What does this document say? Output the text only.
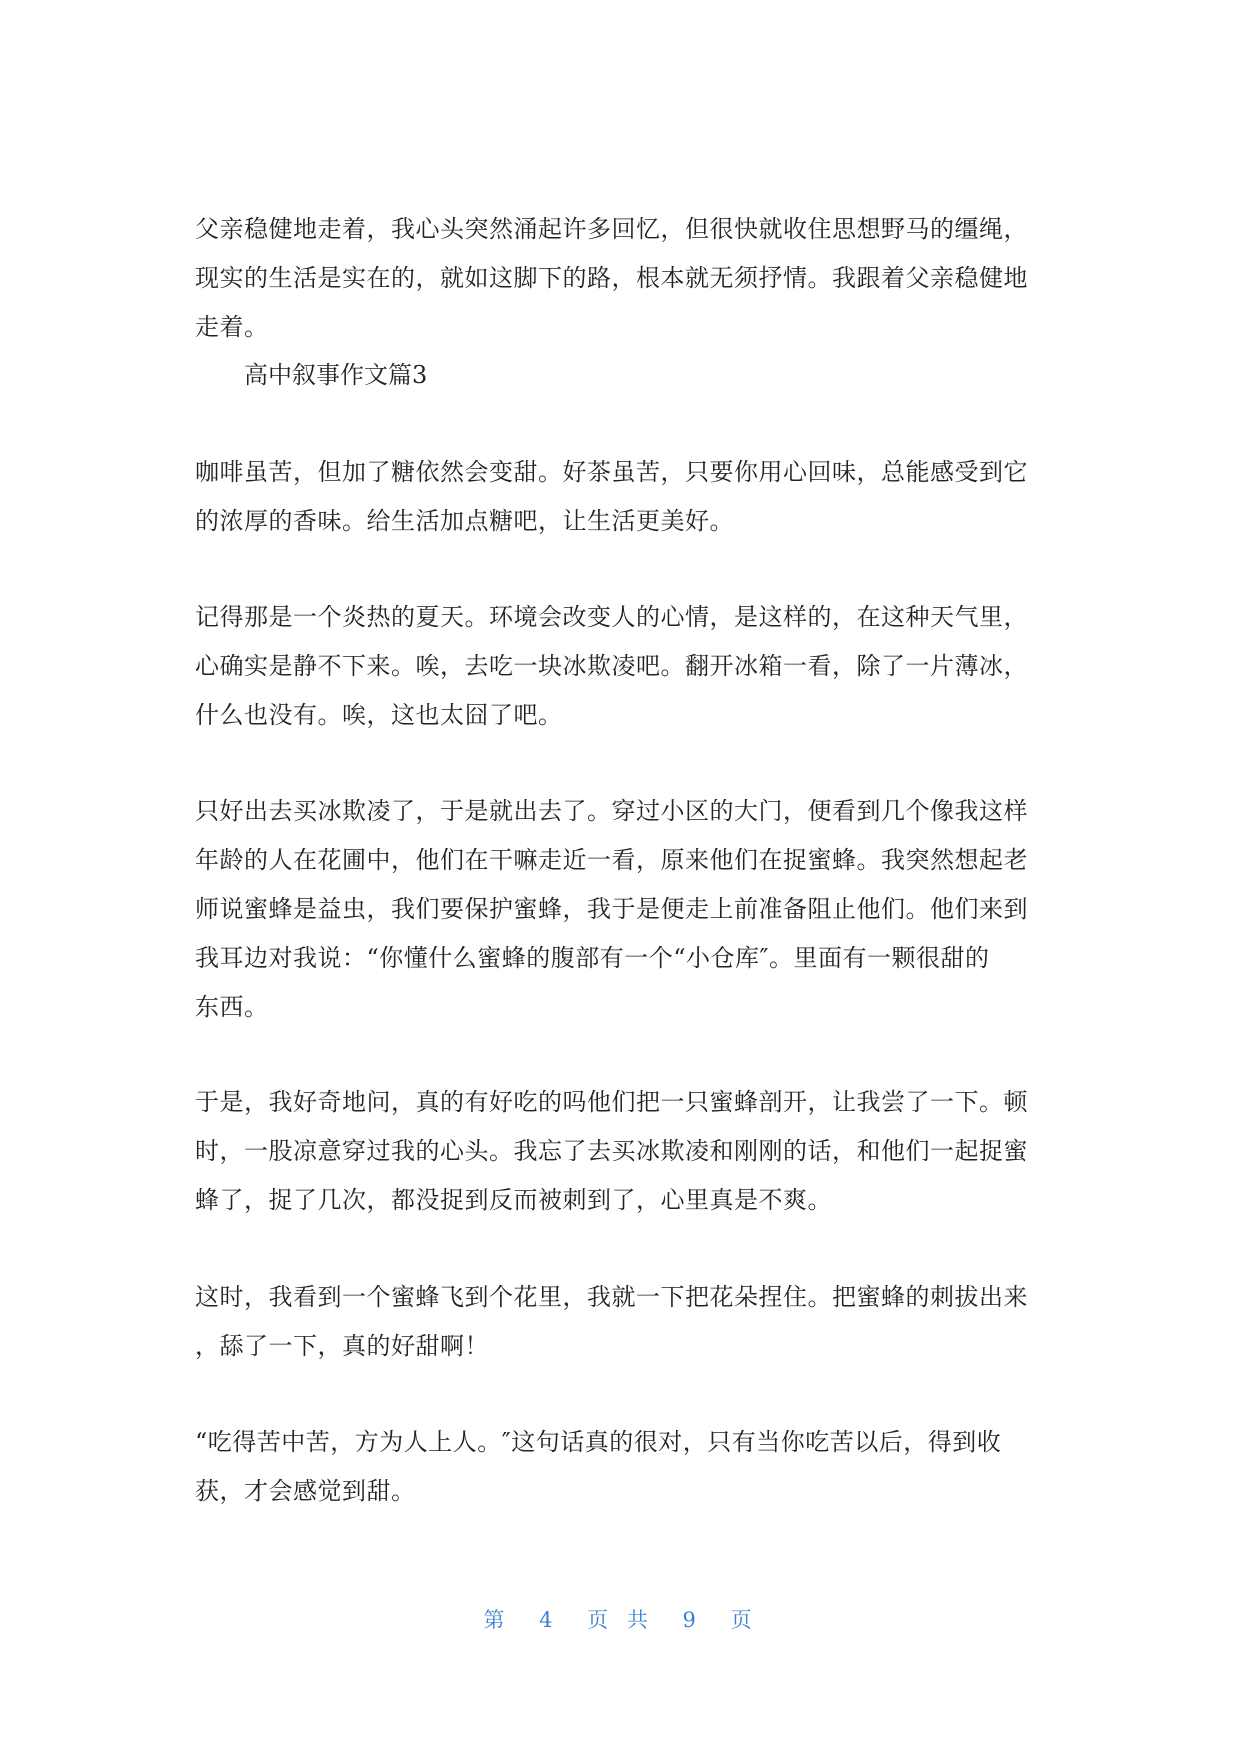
父亲稳健地走着，我心头突然涌起许多回忆，但很快就收住思想野马的缰绳，
现实的生活是实在的，就如这脚下的路，根本就无须抒情。我跟着父亲稳健地
走着。
高中叙事作文篇3
咖啡虽苦，但加了糖依然会变甜。好茶虽苦，只要你用心回味，总能感受到它
的浓厚的香味。给生活加点糖吧，让生活更美好。
记得那是一个炎热的夏天。环境会改变人的心情，是这样的，在这种天气里，
心确实是静不下来。唉，去吃一块冰欺凌吧。翻开冰箱一看，除了一片薄冰，
什么也没有。唉，这也太囧了吧。
只好出去买冰欺凌了，于是就出去了。穿过小区的大门，便看到几个像我这样
年龄的人在花圃中，他们在干嘛走近一看，原来他们在捉蜜蜂。我突然想起老
师说蜜蜂是益虫，我们要保护蜜蜂，我于是便走上前准备阻止他们。他们来到
我耳边对我说：“你懂什么蜜蜂的腹部有一个“小仓库″。里面有一颗很甜的
东西。
于是，我好奇地问，真的有好吃的吗他们把一只蜜蜂剖开，让我尝了一下。顿
时，一股凉意穿过我的心头。我忘了去买冰欺凌和刚刚的话，和他们一起捉蜜
蜂了，捉了几次，都没捉到反而被刺到了，心里真是不爽。
这时，我看到一个蜜蜂飞到个花里，我就一下把花朵捏住。把蜜蜂的刺拔出来
，舔了一下，真的好甜啊！
“吃得苦中苦，方为人上人。″这句话真的很对，只有当你吃苦以后，得到收
获，才会感觉到甜。
第 4 页 共 9 页
